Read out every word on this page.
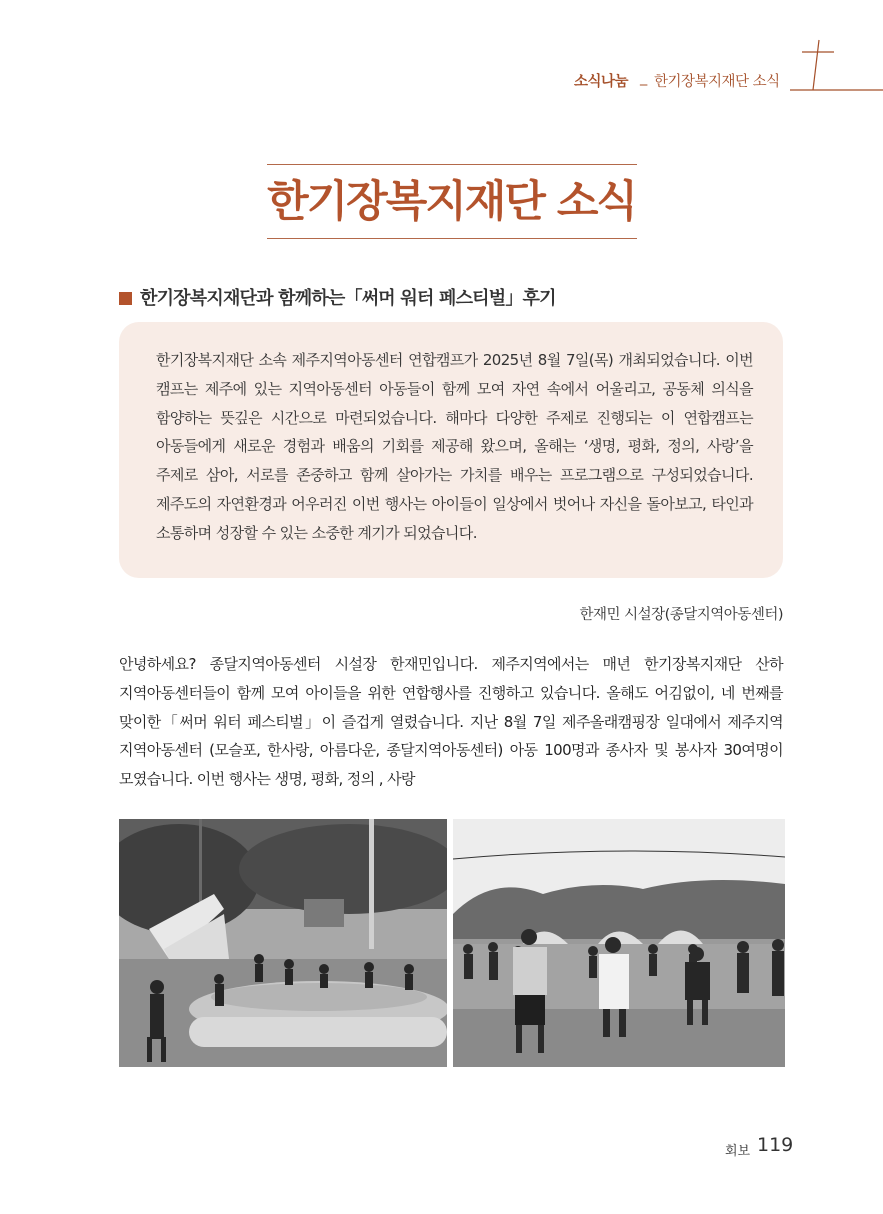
소식나눔 _ 한기장복지재단 소식
한기장복지재단 소식
한기장복지재단과 함께하는「써머 워터 페스티벌」후기
한기장복지재단 소속 제주지역아동센터 연합캠프가 2025년 8월 7일(목) 개최되었습니다. 이번 캠프는 제주에 있는 지역아동센터 아동들이 함께 모여 자연 속에서 어울리고, 공동체 의식을 함양하는 뜻깊은 시간으로 마련되었습니다. 해마다 다양한 주제로 진행되는 이 연합캠프는 아동들에게 새로운 경험과 배움의 기회를 제공해 왔으며, 올해는 ‘생명, 평화, 정의, 사랑’을 주제로 삼아, 서로를 존중하고 함께 살아가는 가치를 배우는 프로그램으로 구성되었습니다. 제주도의 자연환경과 어우러진 이번 행사는 아이들이 일상에서 벗어나 자신을 돌아보고, 타인과 소통하며 성장할 수 있는 소중한 계기가 되었습니다.
한재민 시설장(종달지역아동센터)

안녕하세요? 종달지역아동센터 시설장 한재민입니다. 제주지역에서는 매년 한기장복지재단 산하 지역아동센터들이 함께 모여 아이들을 위한 연합행사를 진행하고 있습니다. 올해도 어김없이, 네 번째를 맞이한「써머 워터 페스티벌」이 즐겁게 열렸습니다. 지난 8월 7일 제주올래캠핑장 일대에서 제주지역 지역아동센터 (모슬포, 한사랑, 아름다운, 종달지역아동센터) 아동 100명과 종사자 및 봉사자 30여명이 모였습니다. 이번 행사는 생명, 평화, 정의 , 사랑

회보 119
